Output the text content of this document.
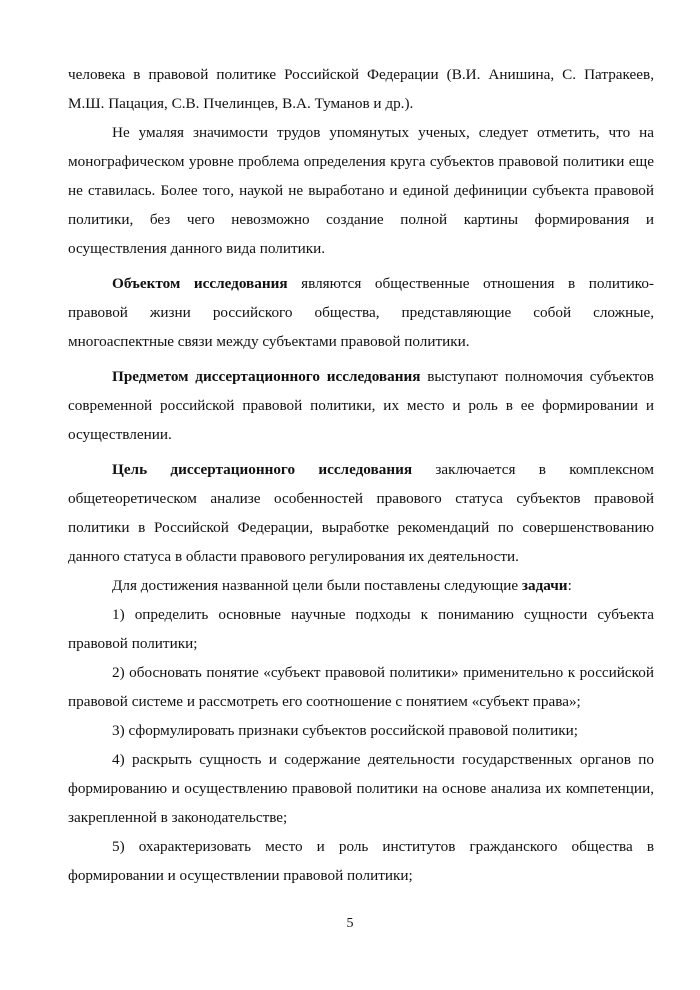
человека в правовой политике Российской Федерации (В.И. Анишина, С. Патракеев, М.Ш. Пацация, С.В. Пчелинцев, В.А. Туманов и др.).

Не умаляя значимости трудов упомянутых ученых, следует отметить, что на монографическом уровне проблема определения круга субъектов правовой политики еще не ставилась. Более того, наукой не выработано и единой дефиниции субъекта правовой политики, без чего невозможно создание полной картины формирования и осуществления данного вида политики.

Объектом исследования являются общественные отношения в политико-правовой жизни российского общества, представляющие собой сложные, многоаспектные связи между субъектами правовой политики.

Предметом диссертационного исследования выступают полномочия субъектов современной российской правовой политики, их место и роль в ее формировании и осуществлении.

Цель диссертационного исследования заключается в комплексном общетеоретическом анализе особенностей правового статуса субъектов правовой политики в Российской Федерации, выработке рекомендаций по совершенствованию данного статуса в области правового регулирования их деятельности.

Для достижения названной цели были поставлены следующие задачи:

1) определить основные научные подходы к пониманию сущности субъекта правовой политики;

2) обосновать понятие «субъект правовой политики» применительно к российской правовой системе и рассмотреть его соотношение с понятием «субъект права»;

3) сформулировать признаки субъектов российской правовой политики;

4) раскрыть сущность и содержание деятельности государственных органов по формированию и осуществлению правовой политики на основе анализа их компетенции, закрепленной в законодательстве;

5) охарактеризовать место и роль институтов гражданского общества в формировании и осуществлении правовой политики;

5
